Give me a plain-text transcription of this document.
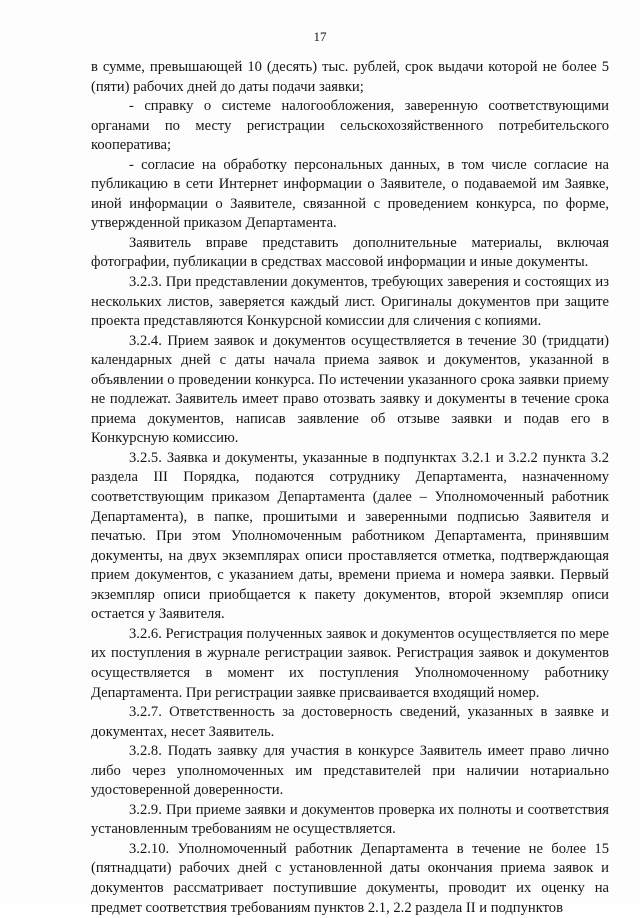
17

в сумме, превышающей 10 (десять) тыс. рублей, срок выдачи которой не более 5 (пяти) рабочих дней до даты подачи заявки;

- справку о системе налогообложения, заверенную соответствующими органами по месту регистрации сельскохозяйственного потребительского кооператива;

- согласие на обработку персональных данных, в том числе согласие на публикацию в сети Интернет информации о Заявителе, о подаваемой им Заявке, иной информации о Заявителе, связанной с проведением конкурса, по форме, утвержденной приказом Департамента.

Заявитель вправе представить дополнительные материалы, включая фотографии, публикации в средствах массовой информации и иные документы.

3.2.3. При представлении документов, требующих заверения и состоящих из нескольких листов, заверяется каждый лист. Оригиналы документов при защите проекта представляются Конкурсной комиссии для сличения с копиями.

3.2.4. Прием заявок и документов осуществляется в течение 30 (тридцати) календарных дней с даты начала приема заявок и документов, указанной в объявлении о проведении конкурса. По истечении указанного срока заявки приему не подлежат. Заявитель имеет право отозвать заявку и документы в течение срока приема документов, написав заявление об отзыве заявки и подав его в Конкурсную комиссию.

3.2.5. Заявка и документы, указанные в подпунктах 3.2.1 и 3.2.2 пункта 3.2 раздела III Порядка, подаются сотруднику Департамента, назначенному соответствующим приказом Департамента (далее – Уполномоченный работник Департамента), в папке, прошитыми и заверенными подписью Заявителя и печатью. При этом Уполномоченным работником Департамента, принявшим документы, на двух экземплярах описи проставляется отметка, подтверждающая прием документов, с указанием даты, времени приема и номера заявки. Первый экземпляр описи приобщается к пакету документов, второй экземпляр описи остается у Заявителя.

3.2.6. Регистрация полученных заявок и документов осуществляется по мере их поступления в журнале регистрации заявок. Регистрация заявок и документов осуществляется в момент их поступления Уполномоченному работнику Департамента. При регистрации заявке присваивается входящий номер.

3.2.7. Ответственность за достоверность сведений, указанных в заявке и документах, несет Заявитель.

3.2.8. Подать заявку для участия в конкурсе Заявитель имеет право лично либо через уполномоченных им представителей при наличии нотариально удостоверенной доверенности.

3.2.9. При приеме заявки и документов проверка их полноты и соответствия установленным требованиям не осуществляется.

3.2.10. Уполномоченный работник Департамента в течение не более 15 (пятнадцати) рабочих дней с установленной даты окончания приема заявок и документов рассматривает поступившие документы, проводит их оценку на предмет соответствия требованиям пунктов 2.1, 2.2 раздела II и подпунктов
